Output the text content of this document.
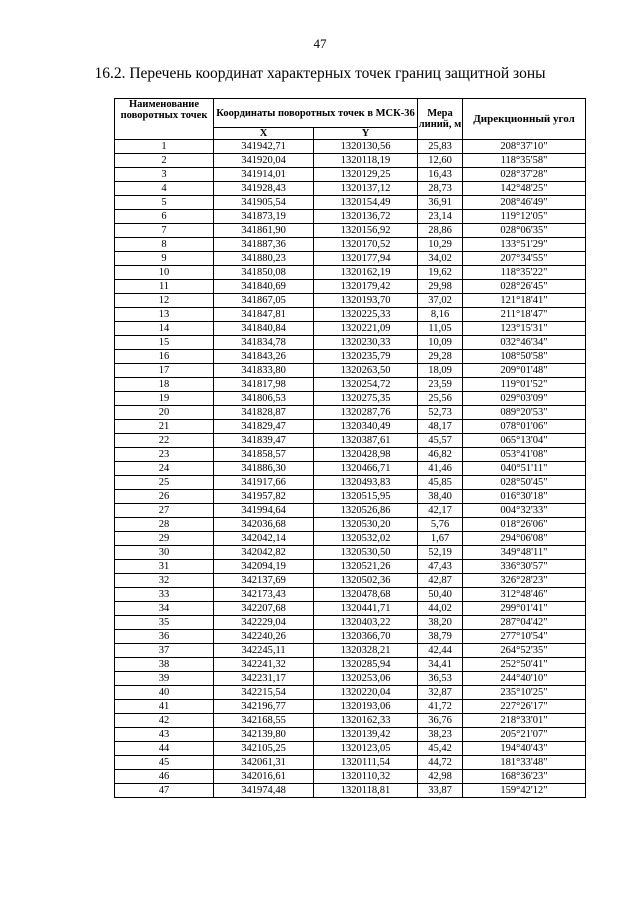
47
16.2. Перечень координат характерных точек границ защитной зоны
Наименование поворотных точек	Координаты поворотных точек в МСК-36		Мера линий, м	Дирекционный угол
	X	Y		
1	341942,71	1320130,56	25,83	208°37'10"
2	341920,04	1320118,19	12,60	118°35'58"
3	341914,01	1320129,25	16,43	028°37'28"
4	341928,43	1320137,12	28,73	142°48'25"
5	341905,54	1320154,49	36,91	208°46'49"
6	341873,19	1320136,72	23,14	119°12'05"
7	341861,90	1320156,92	28,86	028°06'35"
8	341887,36	1320170,52	10,29	133°51'29"
9	341880,23	1320177,94	34,02	207°34'55"
10	341850,08	1320162,19	19,62	118°35'22"
11	341840,69	1320179,42	29,98	028°26'45"
12	341867,05	1320193,70	37,02	121°18'41"
13	341847,81	1320225,33	8,16	211°18'47"
14	341840,84	1320221,09	11,05	123°15'31"
15	341834,78	1320230,33	10,09	032°46'34"
16	341843,26	1320235,79	29,28	108°50'58"
17	341833,80	1320263,50	18,09	209°01'48"
18	341817,98	1320254,72	23,59	119°01'52"
19	341806,53	1320275,35	25,56	029°03'09"
20	341828,87	1320287,76	52,73	089°20'53"
21	341829,47	1320340,49	48,17	078°01'06"
22	341839,47	1320387,61	45,57	065°13'04"
23	341858,57	1320428,98	46,82	053°41'08"
24	341886,30	1320466,71	41,46	040°51'11"
25	341917,66	1320493,83	45,85	028°50'45"
26	341957,82	1320515,95	38,40	016°30'18"
27	341994,64	1320526,86	42,17	004°32'33"
28	342036,68	1320530,20	5,76	018°26'06"
29	342042,14	1320532,02	1,67	294°06'08"
30	342042,82	1320530,50	52,19	349°48'11"
31	342094,19	1320521,26	47,43	336°30'57"
32	342137,69	1320502,36	42,87	326°28'23"
33	342173,43	1320478,68	50,40	312°48'46"
34	342207,68	1320441,71	44,02	299°01'41"
35	342229,04	1320403,22	38,20	287°04'42"
36	342240,26	1320366,70	38,79	277°10'54"
37	342245,11	1320328,21	42,44	264°52'35"
38	342241,32	1320285,94	34,41	252°50'41"
39	342231,17	1320253,06	36,53	244°40'10"
40	342215,54	1320220,04	32,87	235°10'25"
41	342196,77	1320193,06	41,72	227°26'17"
42	342168,55	1320162,33	36,76	218°33'01"
43	342139,80	1320139,42	38,23	205°21'07"
44	342105,25	1320123,05	45,42	194°40'43"
45	342061,31	1320111,54	44,72	181°33'48"
46	342016,61	1320110,32	42,98	168°36'23"
47	341974,48	1320118,81	33,87	159°42'12"
